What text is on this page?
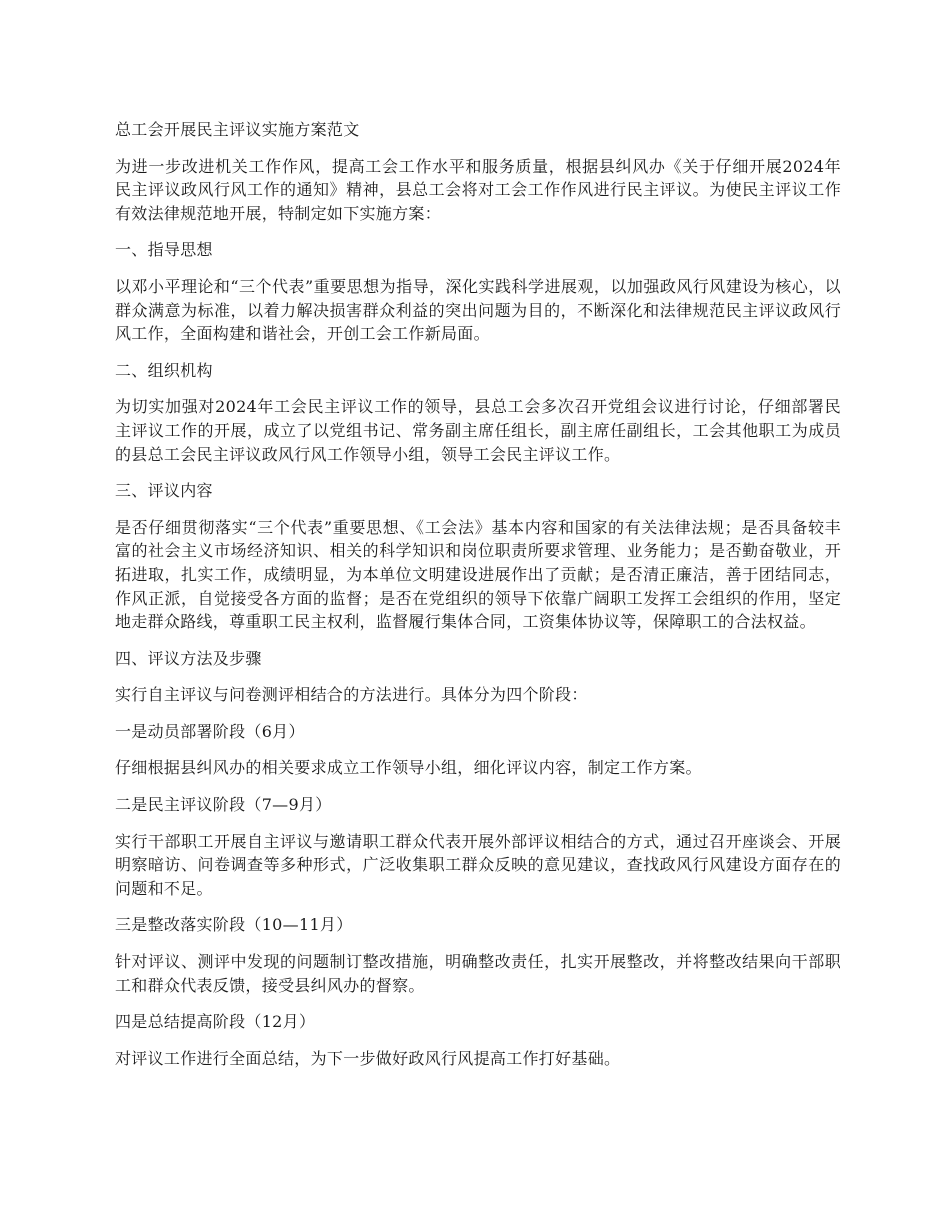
总工会开展民主评议实施方案范文
为进一步改进机关工作作风，提高工会工作水平和服务质量，根据县纠风办《关于仔细开展2024年民主评议政风行风工作的通知》精神，县总工会将对工会工作作风进行民主评议。为使民主评议工作有效法律规范地开展，特制定如下实施方案：
一、指导思想
以邓小平理论和“三个代表”重要思想为指导，深化实践科学进展观，以加强政风行风建设为核心，以群众满意为标准，以着力解决损害群众利益的突出问题为目的，不断深化和法律规范民主评议政风行风工作，全面构建和谐社会，开创工会工作新局面。
二、组织机构
为切实加强对2024年工会民主评议工作的领导，县总工会多次召开党组会议进行讨论，仔细部署民主评议工作的开展，成立了以党组书记、常务副主席任组长，副主席任副组长，工会其他职工为成员的县总工会民主评议政风行风工作领导小组，领导工会民主评议工作。
三、评议内容
是否仔细贯彻落实“三个代表”重要思想、《工会法》基本内容和国家的有关法律法规；是否具备较丰富的社会主义市场经济知识、相关的科学知识和岗位职责所要求管理、业务能力；是否勤奋敬业，开拓进取，扎实工作，成绩明显，为本单位文明建设进展作出了贡献；是否清正廉洁，善于团结同志，作风正派，自觉接受各方面的监督；是否在党组织的领导下依靠广阔职工发挥工会组织的作用，坚定地走群众路线，尊重职工民主权利，监督履行集体合同，工资集体协议等，保障职工的合法权益。
四、评议方法及步骤
实行自主评议与问卷测评相结合的方法进行。具体分为四个阶段：
一是动员部署阶段（6月）
仔细根据县纠风办的相关要求成立工作领导小组，细化评议内容，制定工作方案。
二是民主评议阶段（7—9月）
实行干部职工开展自主评议与邀请职工群众代表开展外部评议相结合的方式，通过召开座谈会、开展明察暗访、问卷调查等多种形式，广泛收集职工群众反映的意见建议，查找政风行风建设方面存在的问题和不足。
三是整改落实阶段（10—11月）
针对评议、测评中发现的问题制订整改措施，明确整改责任，扎实开展整改，并将整改结果向干部职工和群众代表反馈，接受县纠风办的督察。
四是总结提高阶段（12月）
对评议工作进行全面总结，为下一步做好政风行风提高工作打好基础。
